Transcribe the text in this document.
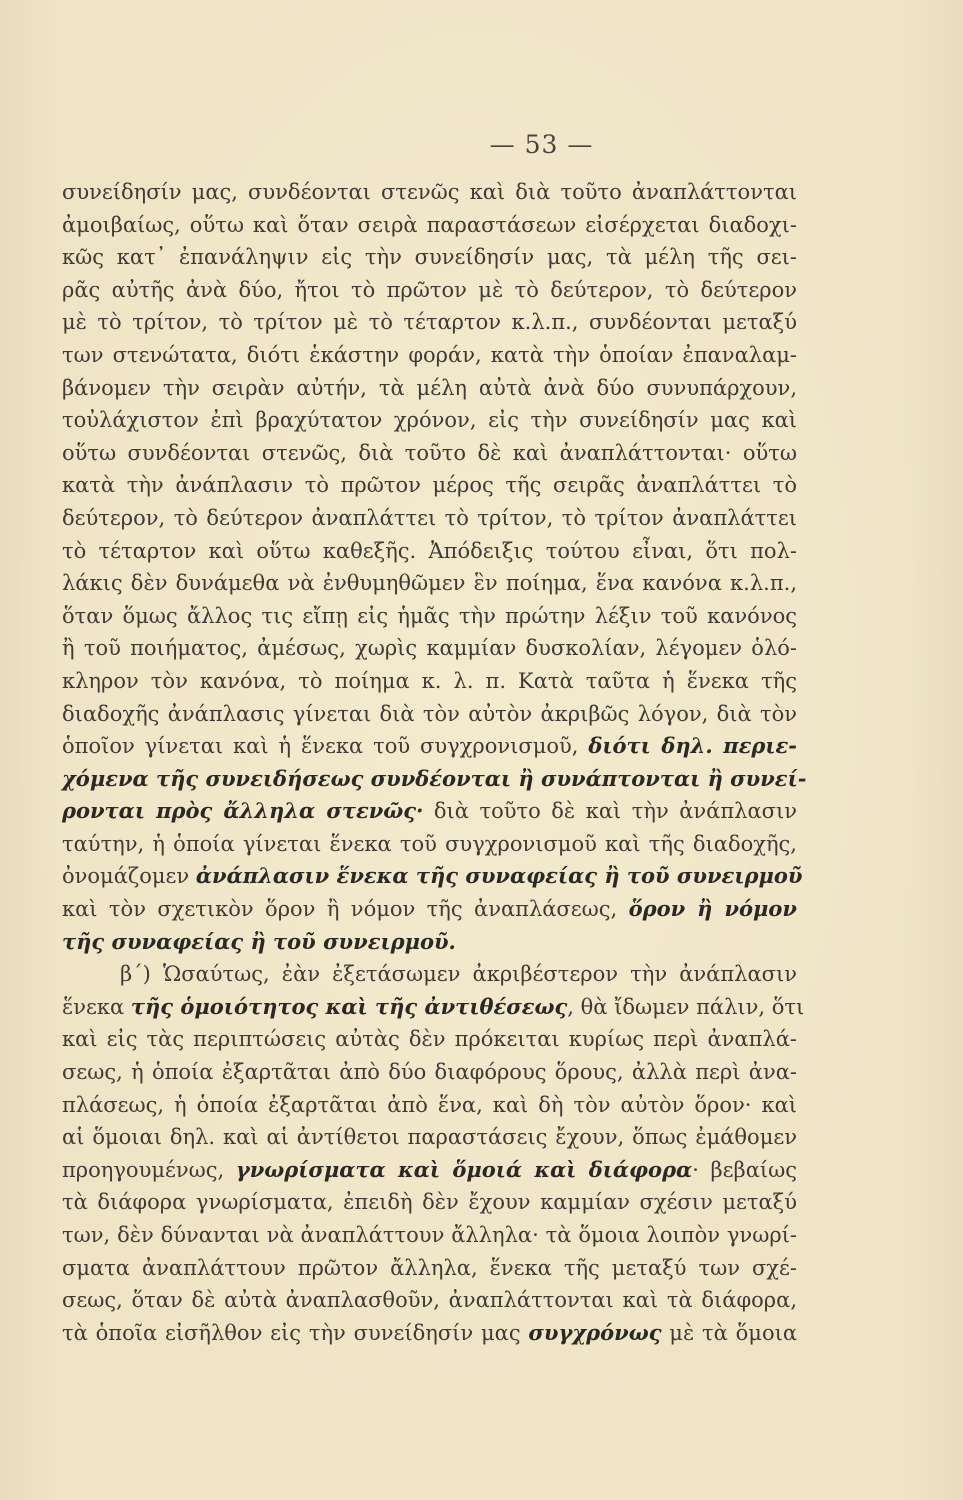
— 53 —
συνείδησίν μας, συνδέονται στενῶς καὶ διὰ τοῦτο ἀναπλάττονται
ἀμοιβαίως, οὕτω καὶ ὅταν σειρὰ παραστάσεων εἰσέρχεται διαδοχι-
κῶς κατ᾿ ἐπανάληψιν εἰς τὴν συνείδησίν μας, τὰ μέλη τῆς σει-
ρᾶς αὐτῆς ἀνὰ δύο, ἤτοι τὸ πρῶτον μὲ τὸ δεύτερον, τὸ δεύτερον
μὲ τὸ τρίτον, τὸ τρίτον μὲ τὸ τέταρτον κ.λ.π., συνδέονται μεταξύ
των στενώτατα, διότι ἑκάστην φοράν, κατὰ τὴν ὁποίαν ἐπαναλαμ-
βάνομεν τὴν σειρὰν αὐτήν, τὰ μέλη αὐτὰ ἀνὰ δύο συνυπάρχουν,
τοὐλάχιστον ἐπὶ βραχύτατον χρόνον, εἰς τὴν συνείδησίν μας καὶ
οὕτω συνδέονται στενῶς, διὰ τοῦτο δὲ καὶ ἀναπλάττονται· οὕτω
κατὰ τὴν ἀνάπλασιν τὸ πρῶτον μέρος τῆς σειρᾶς ἀναπλάττει τὸ
δεύτερον, τὸ δεύτερον ἀναπλάττει τὸ τρίτον, τὸ τρίτον ἀναπλάττει
τὸ τέταρτον καὶ οὕτω καθεξῆς. Ἀπόδειξις τούτου εἶναι, ὅτι πολ-
λάκις δὲν δυνάμεθα νὰ ἐνθυμηθῶμεν ἓν ποίημα, ἕνα κανόνα κ.λ.π.,
ὅταν ὅμως ἄλλος τις εἴπῃ εἰς ἡμᾶς τὴν πρώτην λέξιν τοῦ κανόνος
ἢ τοῦ ποιήματος, ἀμέσως, χωρὶς καμμίαν δυσκολίαν, λέγομεν ὁλό-
κληρον τὸν κανόνα, τὸ ποίημα κ. λ. π. Κατὰ ταῦτα ἡ ἕνεκα τῆς
διαδοχῆς ἀνάπλασις γίνεται διὰ τὸν αὐτὸν ἀκριβῶς λόγον, διὰ τὸν
ὁποῖον γίνεται καὶ ἡ ἕνεκα τοῦ συγχρονισμοῦ, διότι δηλ. περιε-
χόμενα τῆς συνειδήσεως συνδέονται ἢ συνάπτονται ἢ συνεί-
ρονται πρὸς ἄλληλα στενῶς· διὰ τοῦτο δὲ καὶ τὴν ἀνάπλασιν
ταύτην, ἡ ὁποία γίνεται ἕνεκα τοῦ συγχρονισμοῦ καὶ τῆς διαδοχῆς,
ὀνομάζομεν ἀνάπλασιν ἕνεκα τῆς συναφείας ἢ τοῦ συνειρμοῦ
καὶ τὸν σχετικὸν ὅρον ἢ νόμον τῆς ἀναπλάσεως, ὅρον ἢ νόμον
τῆς συναφείας ἢ τοῦ συνειρμοῦ.
β΄) Ὡσαύτως, ἐὰν ἐξετάσωμεν ἀκριβέστερον τὴν ἀνάπλασιν
ἕνεκα τῆς ὁμοιότητος καὶ τῆς ἀντιθέσεως, θὰ ἴδωμεν πάλιν, ὅτι
καὶ εἰς τὰς περιπτώσεις αὐτὰς δὲν πρόκειται κυρίως περὶ ἀναπλά-
σεως, ἡ ὁποία ἐξαρτᾶται ἀπὸ δύο διαφόρους ὅρους, ἀλλὰ περὶ ἀνα-
πλάσεως, ἡ ὁποία ἐξαρτᾶται ἀπὸ ἕνα, καὶ δὴ τὸν αὐτὸν ὅρον· καὶ
αἱ ὅμοιαι δηλ. καὶ αἱ ἀντίθετοι παραστάσεις ἔχουν, ὅπως ἐμάθομεν
προηγουμένως, γνωρίσματα καὶ ὅμοιά καὶ διάφορα· βεβαίως
τὰ διάφορα γνωρίσματα, ἐπειδὴ δὲν ἔχουν καμμίαν σχέσιν μεταξύ
των, δὲν δύνανται νὰ ἀναπλάττουν ἄλληλα· τὰ ὅμοια λοιπὸν γνωρί-
σματα ἀναπλάττουν πρῶτον ἄλληλα, ἕνεκα τῆς μεταξύ των σχέ-
σεως, ὅταν δὲ αὐτὰ ἀναπλασθοῦν, ἀναπλάττονται καὶ τὰ διάφορα,
τὰ ὁποῖα εἰσῆλθον εἰς τὴν συνείδησίν μας συγχρόνως μὲ τὰ ὅμοια
